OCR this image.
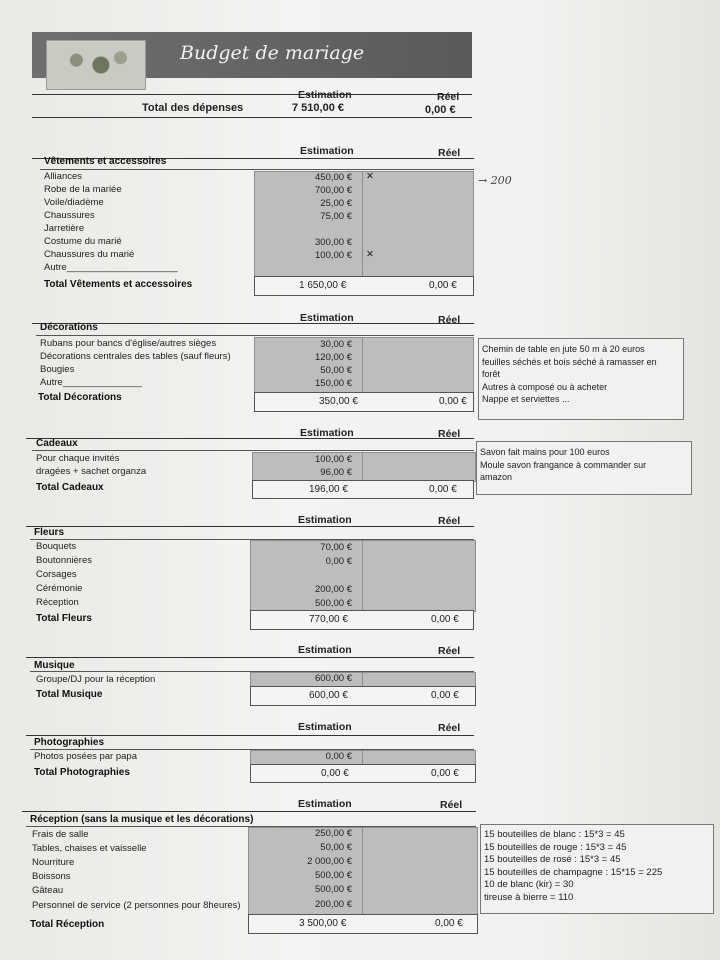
Budget de mariage
Estimation	Réel
Total des dépenses	7 510,00 €	0,00 €
Estimation	Réel
Vêtements et accessoires
Alliances	450,00 € ✕
Robe de la mariée	700,00 €
Voile/diadème	25,00 €
Chaussures	75,00 €
Jarretière
Costume du marié	300,00 €
Chaussures du marié	100,00 € ✕
Autre_____________________
Total Vêtements et accessoires	1 650,00 €	0,00 €
→ 200
Estimation	Réel
Décorations
Rubans pour bancs d'église/autres sièges	30,00 €
Décorations centrales des tables (sauf fleurs)	120,00 €
Bougies	50,00 €
Autre_______________	150,00 €
Total Décorations	350,00 €	0,00 €
Chemin de table en jute 50 m à 20 euros
feuilles séchés et bois séché à ramasser en
forêt
Autres à composé ou à acheter
Nappe et serviettes ...
Estimation	Réel
Cadeaux
Pour chaque invités	100,00 €
dragées + sachet organza	96,00 €
Total Cadeaux	196,00 €	0,00 €
Savon fait mains pour 100 euros
Moule savon frangance à commander sur
amazon
Estimation	Réel
Fleurs
Bouquets	70,00 €
Boutonnières	0,00 €
Corsages
Cérémonie	200,00 €
Réception	500,00 €
Total Fleurs	770,00 €	0,00 €
Estimation	Réel
Musique
Groupe/DJ pour la réception	600,00 €
Total Musique	600,00 €	0,00 €
Estimation	Réel
Photographies
Photos posées par papa	0,00 €
Total Photographies	0,00 €	0,00 €
Estimation	Réel
Réception (sans la musique et les décorations)
Frais de salle	250,00 €
Tables, chaises et vaisselle	50,00 €
Nourriture	2 000,00 €
Boissons	500,00 €
Gâteau	500,00 €
Personnel de service (2 personnes pour 8heures)	200,00 €
Total Réception	3 500,00 €	0,00 €
15 bouteilles de blanc : 15*3 = 45
15 bouteilles de rouge : 15*3 = 45
15 bouteilles de rosé : 15*3 = 45
15 bouteilles de champagne : 15*15 = 225
10 de blanc (kir) = 30
tireuse à bierre = 110
